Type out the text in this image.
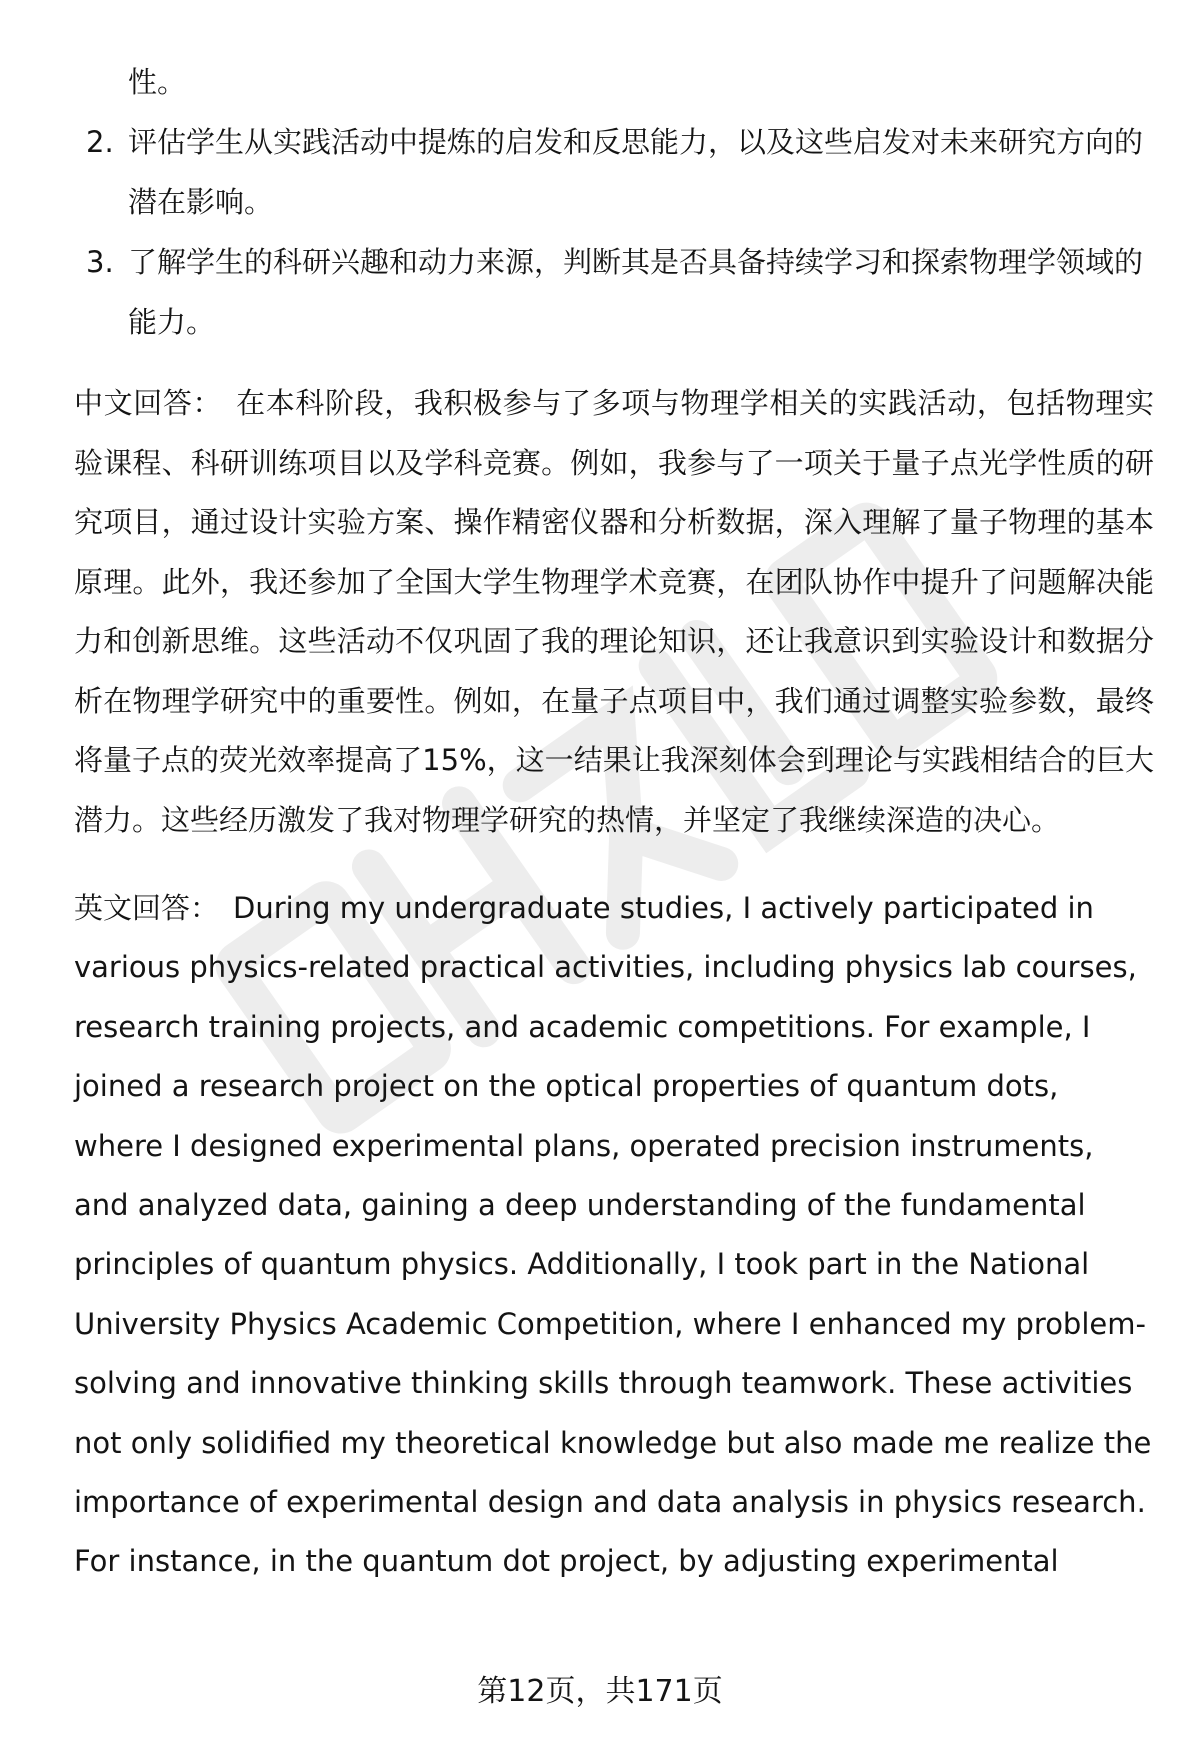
性。
2. 评估学生从实践活动中提炼的启发和反思能力，以及这些启发对未来研究方向的潜在影响。
3. 了解学生的科研兴趣和动力来源，判断其是否具备持续学习和探索物理学领域的能力。

中文回答： 在本科阶段，我积极参与了多项与物理学相关的实践活动，包括物理实验课程、科研训练项目以及学科竞赛。例如，我参与了一项关于量子点光学性质的研究项目，通过设计实验方案、操作精密仪器和分析数据，深入理解了量子物理的基本原理。此外，我还参加了全国大学生物理学术竞赛，在团队协作中提升了问题解决能力和创新思维。这些活动不仅巩固了我的理论知识，还让我意识到实验设计和数据分析在物理学研究中的重要性。例如，在量子点项目中，我们通过调整实验参数，最终将量子点的荧光效率提高了15%，这一结果让我深刻体会到理论与实践相结合的巨大潜力。这些经历激发了我对物理学研究的热情，并坚定了我继续深造的决心。

英文回答： During my undergraduate studies, I actively participated in various physics-related practical activities, including physics lab courses, research training projects, and academic competitions. For example, I joined a research project on the optical properties of quantum dots, where I designed experimental plans, operated precision instruments, and analyzed data, gaining a deep understanding of the fundamental principles of quantum physics. Additionally, I took part in the National University Physics Academic Competition, where I enhanced my problem-solving and innovative thinking skills through teamwork. These activities not only solidified my theoretical knowledge but also made me realize the importance of experimental design and data analysis in physics research. For instance, in the quantum dot project, by adjusting experimental

第12页，共171页
